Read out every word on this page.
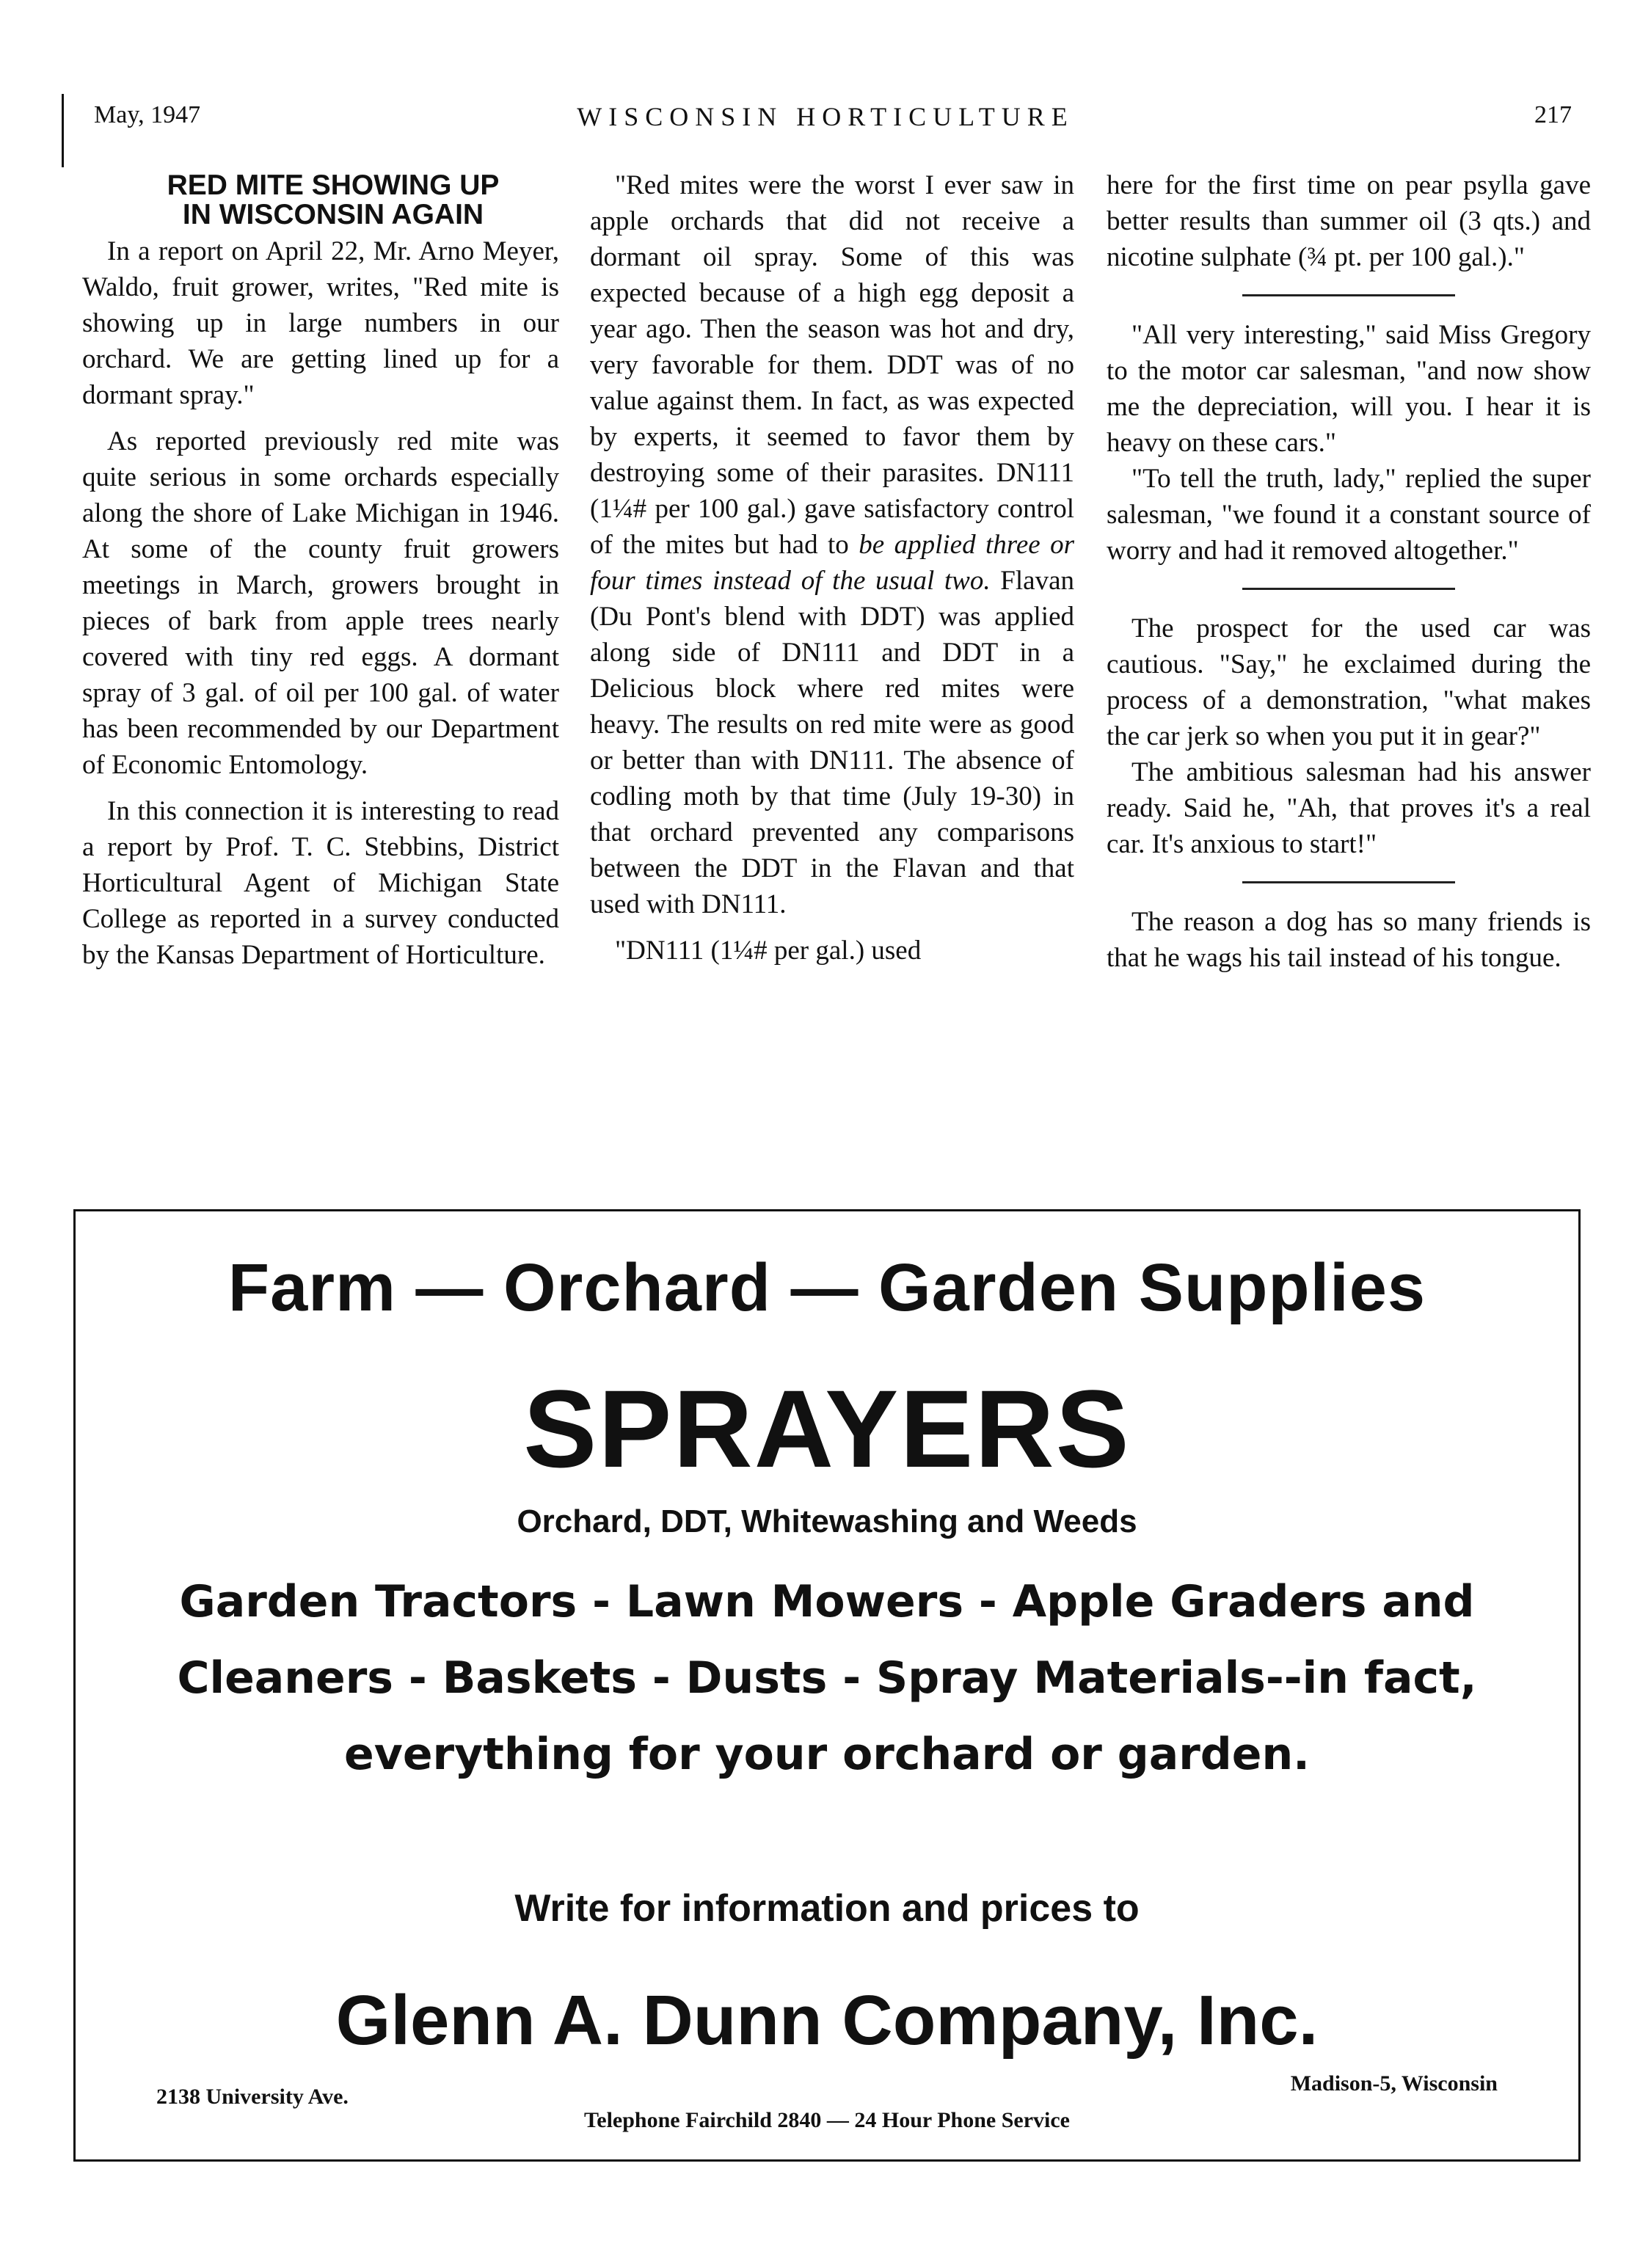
May, 1947	WISCONSIN HORTICULTURE	217

RED MITE SHOWING UP

IN WISCONSIN AGAIN

In a report on April 22, Mr. Arno Meyer, Waldo, fruit grower, writes, "Red mite is showing up in large numbers in our orchard. We are getting lined up for a dormant spray."

As reported previously red mite was quite serious in some orchards especially along the shore of Lake Michigan in 1946. At some of the county fruit growers meetings in March, growers brought in pieces of bark from apple trees nearly covered with tiny red eggs. A dormant spray of 3 gal. of oil per 100 gal. of water has been recommended by our Department of Economic Entomology.

In this connection it is interesting to read a report by Prof. T. C. Stebbins, District Horticultural Agent of Michigan State College as reported in a survey conducted by the Kansas Department of Horticulture.

"Red mites were the worst I ever saw in apple orchards that did not receive a dormant oil spray. Some of this was expected because of a high egg deposit a year ago. Then the season was hot and dry, very favorable for them. DDT was of no value against them. In fact, as was expected by experts, it seemed to favor them by destroying some of their parasites. DN111 (1¼# per 100 gal.) gave satisfactory control of the mites but had to be applied three or four times instead of the usual two. Flavan (Du Pont's blend with DDT) was applied along side of DN111 and DDT in a Delicious block where red mites were heavy. The results on red mite were as good or better than with DN111. The absence of codling moth by that time (July 19-30) in that orchard prevented any comparisons between the DDT in the Flavan and that used with DN111.

"DN111 (1¼# per gal.) used

here for the first time on pear psylla gave better results than summer oil (3 qts.) and nicotine sulphate (¾ pt. per 100 gal.)."

"All very interesting," said Miss Gregory to the motor car salesman, "and now show me the depreciation, will you. I hear it is heavy on these cars."

"To tell the truth, lady," replied the super salesman, "we found it a constant source of worry and had it removed altogether."

The prospect for the used car was cautious. "Say," he exclaimed during the process of a demonstration, "what makes the car jerk so when you put it in gear?"

The ambitious salesman had his answer ready. Said he, "Ah, that proves it's a real car. It's anxious to start!"

The reason a dog has so many friends is that he wags his tail instead of his tongue.

Farm — Orchard — Garden Supplies
SPRAYERS
Orchard, DDT, Whitewashing and Weeds
Garden Tractors - Lawn Mowers - Apple Graders and Cleaners - Baskets - Dusts - Spray Materials--in fact, everything for your orchard or garden.
Write for information and prices to
Glenn A. Dunn Company, Inc.
2138 University Ave.
Madison-5, Wisconsin
Telephone Fairchild 2840 — 24 Hour Phone Service
